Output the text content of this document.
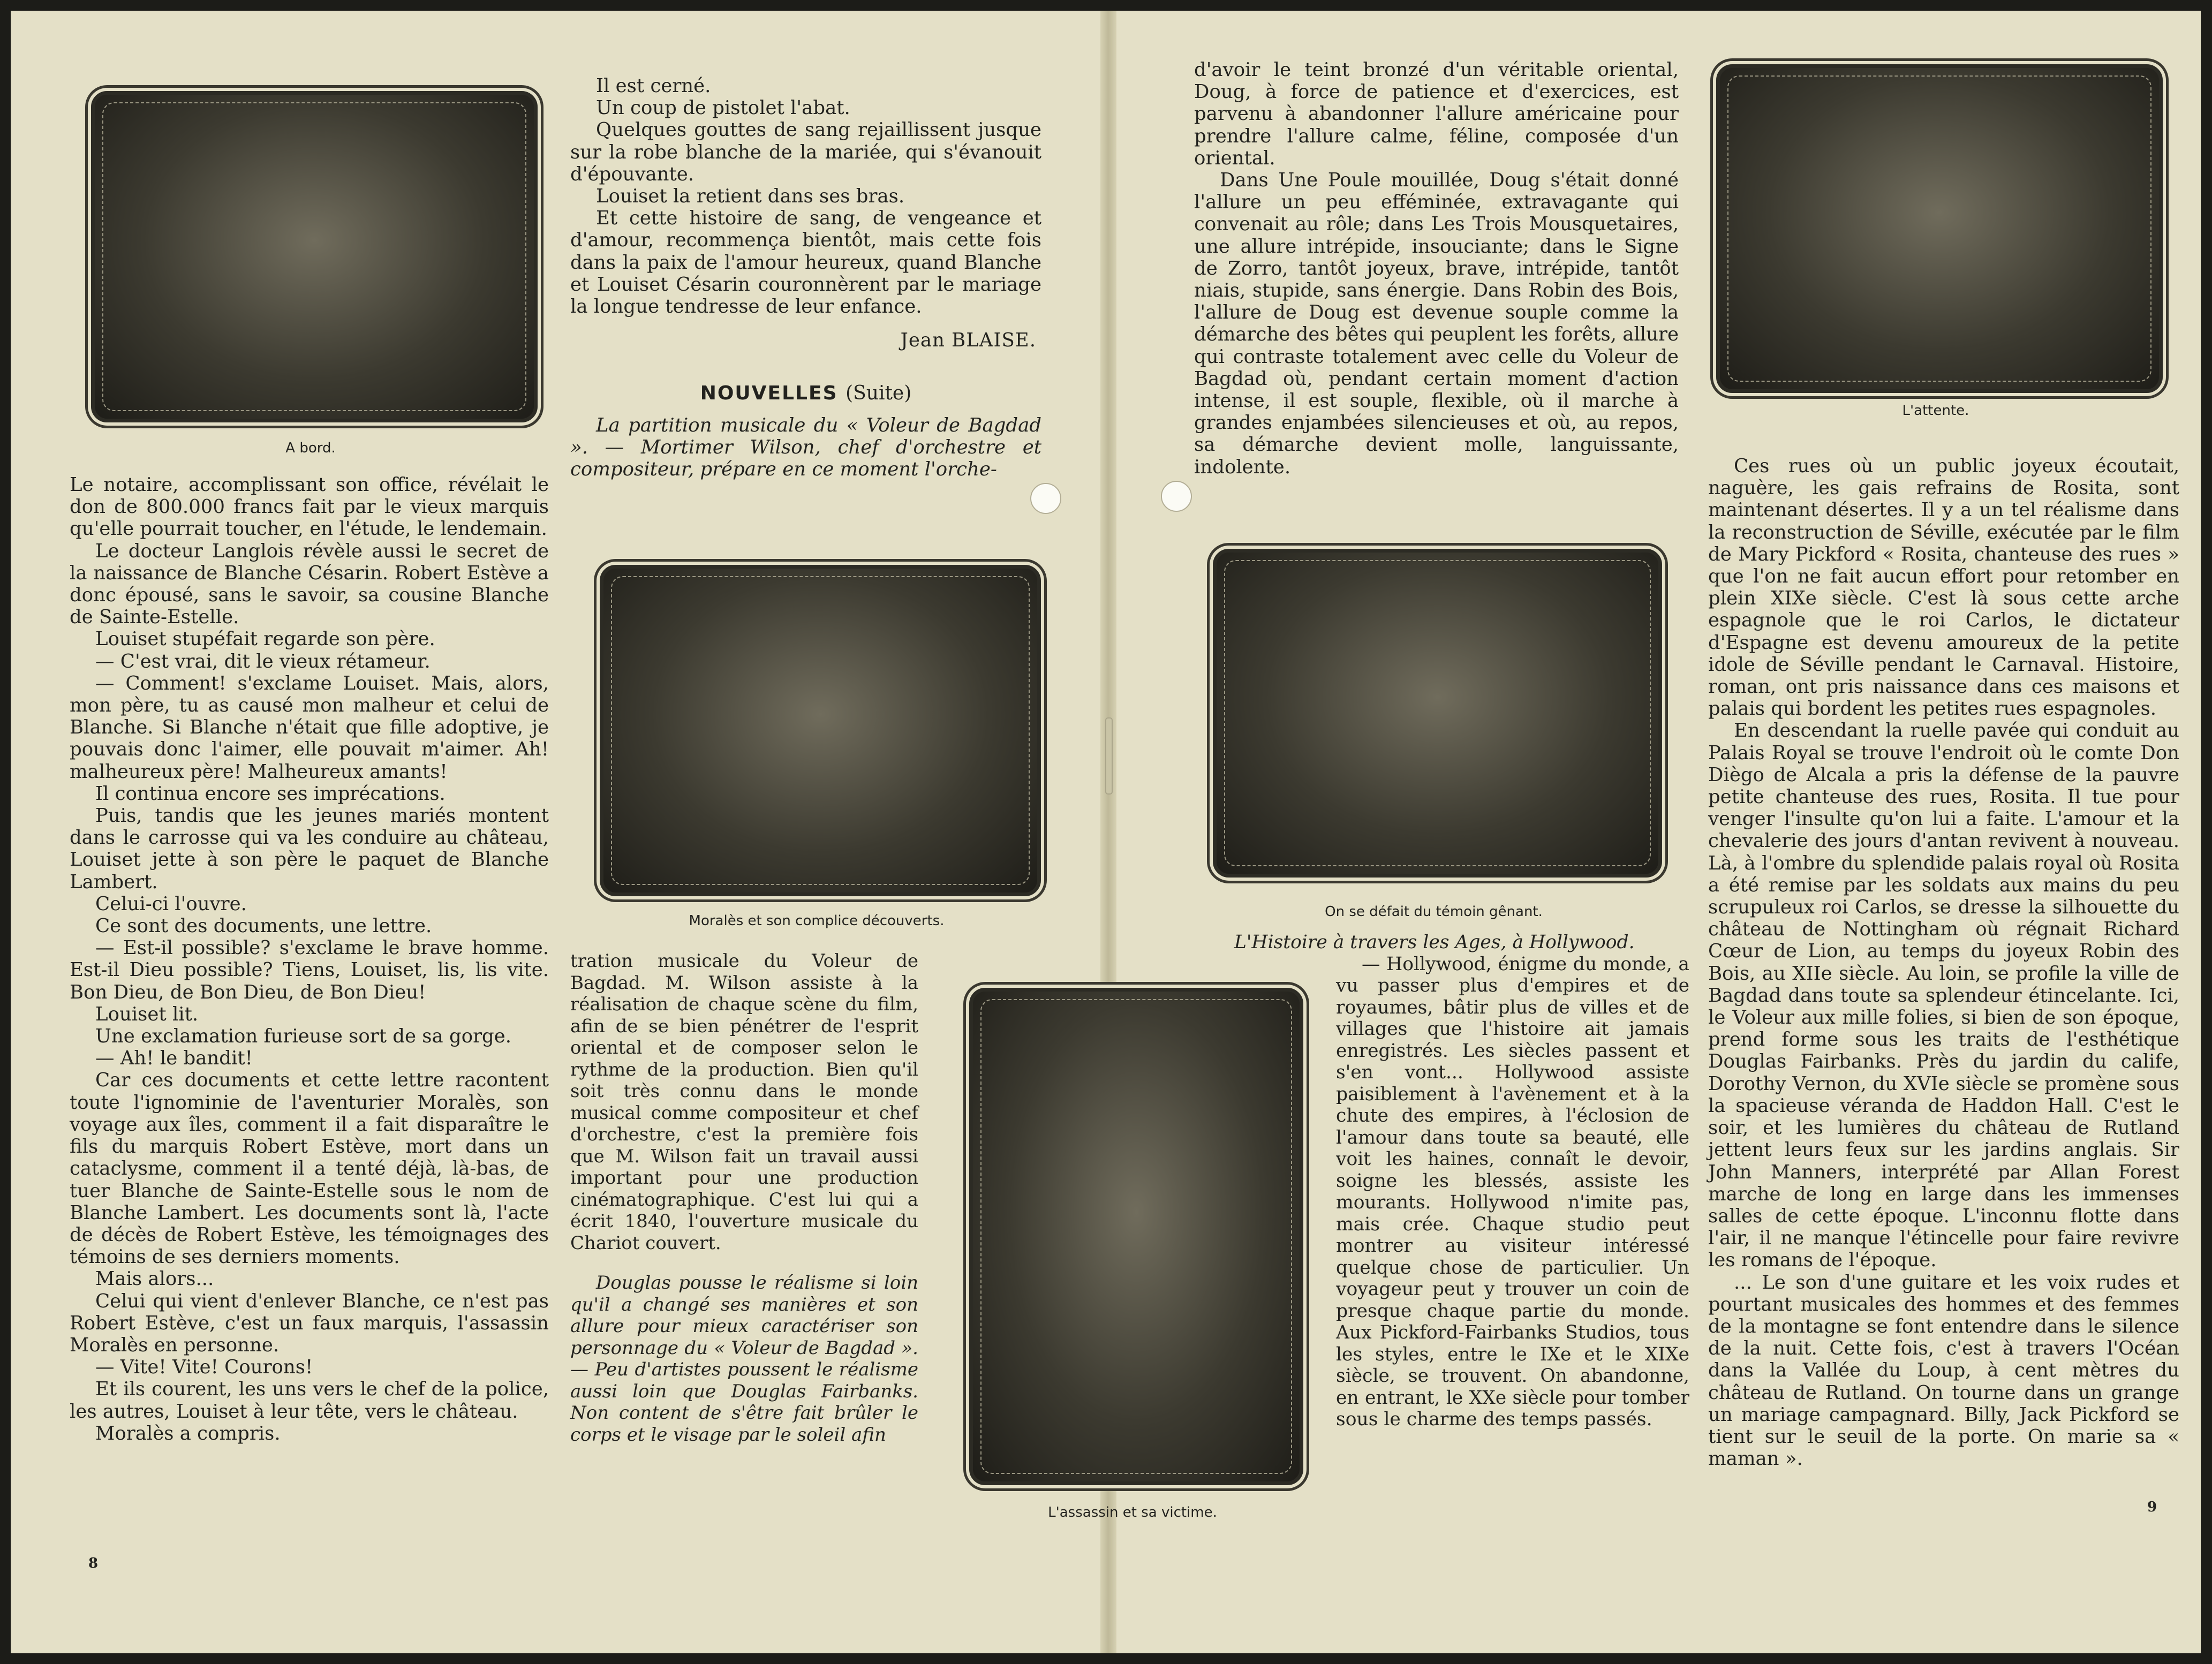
A bord.

Le notaire, accomplissant son office, révélait le don de 800.000 francs fait par le vieux marquis qu'elle pourrait toucher, en l'étude, le lendemain.

Le docteur Langlois révèle aussi le secret de la naissance de Blanche Césarin. Robert Estève a donc épousé, sans le savoir, sa cousine Blanche de Sainte-Estelle.

Louiset stupéfait regarde son père.

— C'est vrai, dit le vieux rétameur.

— Comment! s'exclame Louiset. Mais, alors, mon père, tu as causé mon malheur et celui de Blanche. Si Blanche n'était que fille adoptive, je pouvais donc l'aimer, elle pouvait m'aimer. Ah! malheureux père! Malheureux amants!

Il continua encore ses imprécations.

Puis, tandis que les jeunes mariés montent dans le carrosse qui va les conduire au château, Louiset jette à son père le paquet de Blanche Lambert.

Celui-ci l'ouvre.

Ce sont des documents, une lettre.

— Est-il possible? s'exclame le brave homme. Est-il Dieu possible? Tiens, Louiset, lis, lis vite. Bon Dieu, de Bon Dieu, de Bon Dieu!

Louiset lit.

Une exclamation furieuse sort de sa gorge.

— Ah! le bandit!

Car ces documents et cette lettre racontent toute l'ignominie de l'aventurier Moralès, son voyage aux îles, comment il a fait disparaître le fils du marquis Robert Estève, mort dans un cataclysme, comment il a tenté déjà, là-bas, de tuer Blanche de Sainte-Estelle sous le nom de Blanche Lambert. Les documents sont là, l'acte de décès de Robert Estève, les témoignages des témoins de ses derniers moments.

Mais alors...

Celui qui vient d'enlever Blanche, ce n'est pas Robert Estève, c'est un faux marquis, l'assassin Moralès en personne.

— Vite! Vite! Courons!

Et ils courent, les uns vers le chef de la police, les autres, Louiset à leur tête, vers le château.

Moralès a compris.

8

Il est cerné.

Un coup de pistolet l'abat.

Quelques gouttes de sang rejaillissent jusque sur la robe blanche de la mariée, qui s'évanouit d'épouvante.

Louiset la retient dans ses bras.

Et cette histoire de sang, de vengeance et d'amour, recommença bientôt, mais cette fois dans la paix de l'amour heureux, quand Blanche et Louiset Césarin couronnèrent par le mariage la longue tendresse de leur enfance.

Jean BLAISE.

NOUVELLES (Suite)

La partition musicale du « Voleur de Bagdad ». — Mortimer Wilson, chef d'orchestre et compositeur, prépare en ce moment l'orche-

Moralès et son complice découverts.

tration musicale du Voleur de Bagdad. M. Wilson assiste à la réalisation de chaque scène du film, afin de se bien pénétrer de l'esprit oriental et de composer selon le rythme de la production. Bien qu'il soit très connu dans le monde musical comme compositeur et chef d'orchestre, c'est la première fois que M. Wilson fait un travail aussi important pour une production cinématographique. C'est lui qui a écrit 1840, l'ouverture musicale du Chariot couvert.

Douglas pousse le réalisme si loin qu'il a changé ses manières et son allure pour mieux caractériser son personnage du « Voleur de Bagdad ». — Peu d'artistes poussent le réalisme aussi loin que Douglas Fairbanks. Non content de s'être fait brûler le corps et le visage par le soleil afin

L'assassin et sa victime.

d'avoir le teint bronzé d'un véritable oriental, Doug, à force de patience et d'exercices, est parvenu à abandonner l'allure américaine pour prendre l'allure calme, féline, composée d'un oriental.

Dans Une Poule mouillée, Doug s'était donné l'allure un peu efféminée, extravagante qui convenait au rôle; dans Les Trois Mousquetaires, une allure intrépide, insouciante; dans le Signe de Zorro, tantôt joyeux, brave, intrépide, tantôt niais, stupide, sans énergie. Dans Robin des Bois, l'allure de Doug est devenue souple comme la démarche des bêtes qui peuplent les forêts, allure qui contraste totalement avec celle du Voleur de Bagdad où, pendant certain moment d'action intense, il est souple, flexible, où il marche à grandes enjambées silencieuses et où, au repos, sa démarche devient molle, languissante, indolente.

On se défait du témoin gênant.

L'Histoire à travers les Ages, à Hollywood.

— Hollywood, énigme du monde, a vu passer plus d'empires et de royaumes, bâtir plus de villes et de villages que l'histoire ait jamais enregistrés. Les siècles passent et s'en vont... Hollywood assiste paisiblement à l'avènement et à la chute des empires, à l'éclosion de l'amour dans toute sa beauté, elle voit les haines, connaît le devoir, soigne les blessés, assiste les mourants. Hollywood n'imite pas, mais crée. Chaque studio peut montrer au visiteur intéressé quelque chose de particulier. Un voyageur peut y trouver un coin de presque chaque partie du monde. Aux Pickford-Fairbanks Studios, tous les styles, entre le IXe et le XIXe siècle, se trouvent. On abandonne, en entrant, le XXe siècle pour tomber sous le charme des temps passés.

L'attente.

Ces rues où un public joyeux écoutait, naguère, les gais refrains de Rosita, sont maintenant désertes. Il y a un tel réalisme dans la reconstruction de Séville, exécutée par le film de Mary Pickford « Rosita, chanteuse des rues » que l'on ne fait aucun effort pour retomber en plein XIXe siècle. C'est là sous cette arche espagnole que le roi Carlos, le dictateur d'Espagne est devenu amoureux de la petite idole de Séville pendant le Carnaval. Histoire, roman, ont pris naissance dans ces maisons et palais qui bordent les petites rues espagnoles.

En descendant la ruelle pavée qui conduit au Palais Royal se trouve l'endroit où le comte Don Diègo de Alcala a pris la défense de la pauvre petite chanteuse des rues, Rosita. Il tue pour venger l'insulte qu'on lui a faite. L'amour et la chevalerie des jours d'antan revivent à nouveau. Là, à l'ombre du splendide palais royal où Rosita a été remise par les soldats aux mains du peu scrupuleux roi Carlos, se dresse la silhouette du château de Nottingham où régnait Richard Cœur de Lion, au temps du joyeux Robin des Bois, au XIIe siècle. Au loin, se profile la ville de Bagdad dans toute sa splendeur étincelante. Ici, le Voleur aux mille folies, si bien de son époque, prend forme sous les traits de l'esthétique Douglas Fairbanks. Près du jardin du calife, Dorothy Vernon, du XVIe siècle se promène sous la spacieuse véranda de Haddon Hall. C'est le soir, et les lumières du château de Rutland jettent leurs feux sur les jardins anglais. Sir John Manners, interprété par Allan Forest marche de long en large dans les immenses salles de cette époque. L'inconnu flotte dans l'air, il ne manque l'étincelle pour faire revivre les romans de l'époque.

... Le son d'une guitare et les voix rudes et pourtant musicales des hommes et des femmes de la montagne se font entendre dans le silence de la nuit. Cette fois, c'est à travers l'Océan dans la Vallée du Loup, à cent mètres du château de Rutland. On tourne dans un grange un mariage campagnard. Billy, Jack Pickford se tient sur le seuil de la porte. On marie sa « maman ».

9
